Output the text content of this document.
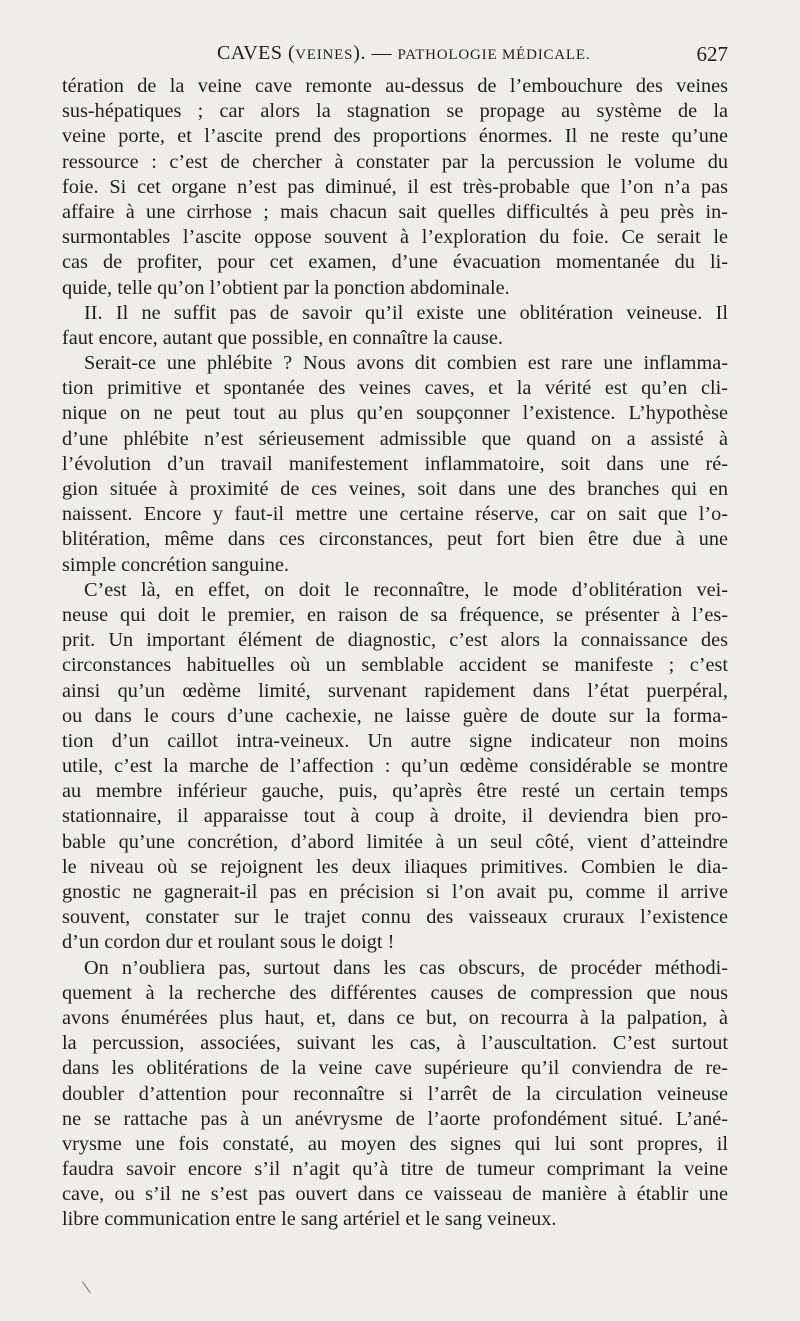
CAVES (VEINES). — PATHOLOGIE MÉDICALE.	627
tération de la veine cave remonte au-dessus de l’embouchure des veines
sus-hépatiques ; car alors la stagnation se propage au système de la
veine porte, et l’ascite prend des proportions énormes. Il ne reste qu’une
ressource : c’est de chercher à constater par la percussion le volume du
foie. Si cet organe n’est pas diminué, il est très-probable que l’on n’a pas
affaire à une cirrhose ; mais chacun sait quelles difficultés à peu près in-
surmontables l’ascite oppose souvent à l’exploration du foie. Ce serait le
cas de profiter, pour cet examen, d’une évacuation momentanée du li-
quide, telle qu’on l’obtient par la ponction abdominale.
II. Il ne suffit pas de savoir qu’il existe une oblitération veineuse. Il
faut encore, autant que possible, en connaître la cause.
Serait-ce une phlébite ? Nous avons dit combien est rare une inflamma-
tion primitive et spontanée des veines caves, et la vérité est qu’en cli-
nique on ne peut tout au plus qu’en soupçonner l’existence. L’hypothèse
d’une phlébite n’est sérieusement admissible que quand on a assisté à
l’évolution d’un travail manifestement inflammatoire, soit dans une ré-
gion située à proximité de ces veines, soit dans une des branches qui en
naissent. Encore y faut-il mettre une certaine réserve, car on sait que l’o-
blitération, même dans ces circonstances, peut fort bien être due à une
simple concrétion sanguine.
C’est là, en effet, on doit le reconnaître, le mode d’oblitération vei-
neuse qui doit le premier, en raison de sa fréquence, se présenter à l’es-
prit. Un important élément de diagnostic, c’est alors la connaissance des
circonstances habituelles où un semblable accident se manifeste ; c’est
ainsi qu’un œdème limité, survenant rapidement dans l’état puerpéral,
ou dans le cours d’une cachexie, ne laisse guère de doute sur la forma-
tion d’un caillot intra-veineux. Un autre signe indicateur non moins
utile, c’est la marche de l’affection : qu’un œdème considérable se montre
au membre inférieur gauche, puis, qu’après être resté un certain temps
stationnaire, il apparaisse tout à coup à droite, il deviendra bien pro-
bable qu’une concrétion, d’abord limitée à un seul côté, vient d’atteindre
le niveau où se rejoignent les deux iliaques primitives. Combien le dia-
gnostic ne gagnerait-il pas en précision si l’on avait pu, comme il arrive
souvent, constater sur le trajet connu des vaisseaux cruraux l’existence
d’un cordon dur et roulant sous le doigt !
On n’oubliera pas, surtout dans les cas obscurs, de procéder méthodi-
quement à la recherche des différentes causes de compression que nous
avons énumérées plus haut, et, dans ce but, on recourra à la palpation, à
la percussion, associées, suivant les cas, à l’auscultation. C’est surtout
dans les oblitérations de la veine cave supérieure qu’il conviendra de re-
doubler d’attention pour reconnaître si l’arrêt de la circulation veineuse
ne se rattache pas à un anévrysme de l’aorte profondément situé. L’ané-
vrysme une fois constaté, au moyen des signes qui lui sont propres, il
faudra savoir encore s’il n’agit qu’à titre de tumeur comprimant la veine
cave, ou s’il ne s’est pas ouvert dans ce vaisseau de manière à établir une
libre communication entre le sang artériel et le sang veineux.
